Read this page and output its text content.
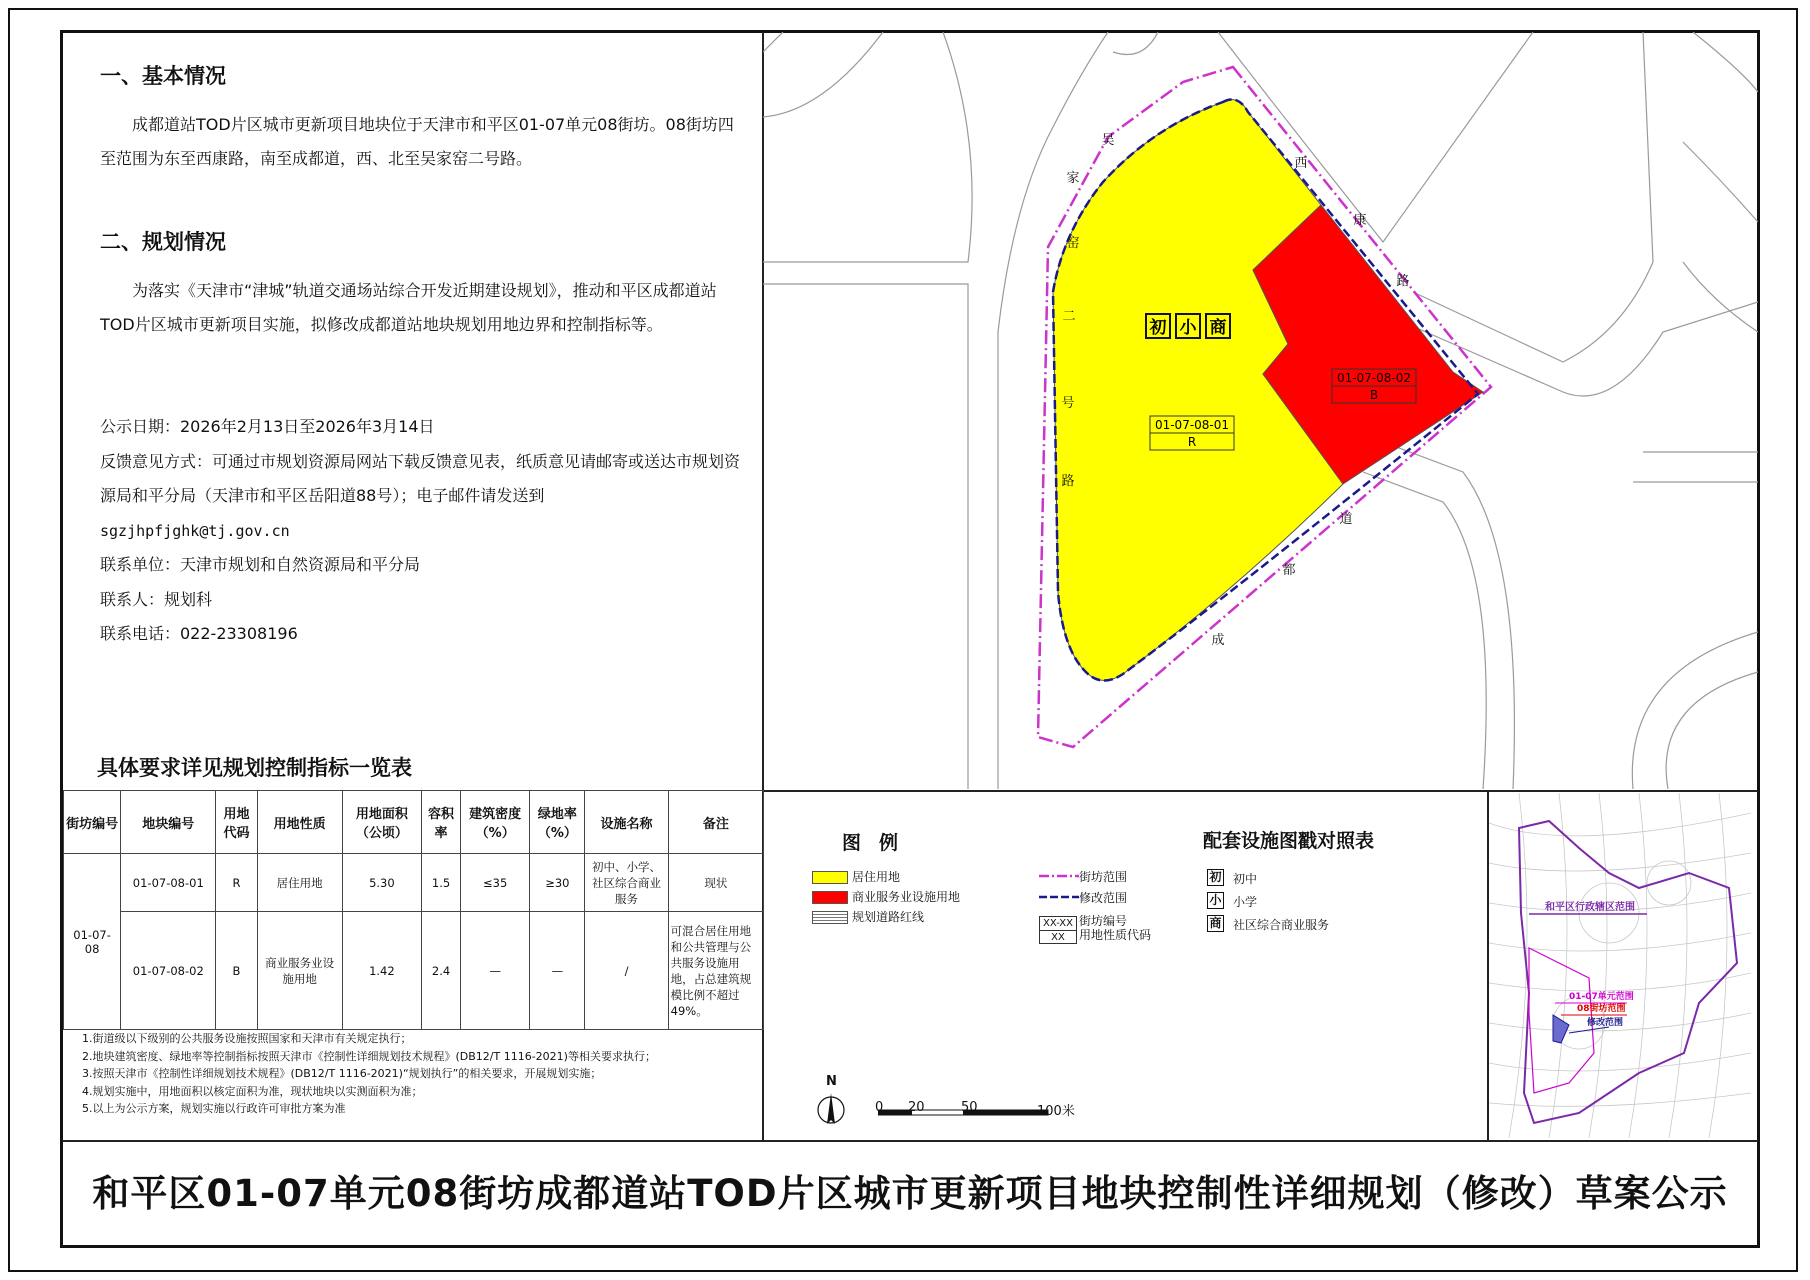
一、基本情况

成都道站TOD片区城市更新项目地块位于天津市和平区01-07单元08街坊。08街坊四至范围为东至西康路，南至成都道，西、北至吴家窑二号路。

二、规划情况

为落实《天津市“津城”轨道交通场站综合开发近期建设规划》，推动和平区成都道站TOD片区城市更新项目实施，拟修改成都道站地块规划用地边界和控制指标等。

公示日期：2026年2月13日至2026年3月14日

反馈意见方式：可通过市规划资源局网站下载反馈意见表，纸质意见请邮寄或送达市规划资源局和平分局（天津市和平区岳阳道88号）；电子邮件请发送到

sgzjhpfjghk@tj.gov.cn

联系单位：天津市规划和自然资源局和平分局

联系人：规划科

联系电话：022-23308196

具体要求详见规划控制指标一览表
街坊编号	地块编号	用地代码	用地性质	用地面积（公顷）	容积率	建筑密度（%）	绿地率（%）	设施名称	备注
01-07-08	01-07-08-01	R	居住用地	5.30	1.5	≤35	≥30	初中、小学、社区综合商业服务	现状
	01-07-08-02	B	商业服务业设施用地	1.42	2.4	—	—	/	可混合居住用地和公共管理与公共服务设施用地，占总建筑规模比例不超过49%。
1.街道级以下级别的公共服务设施按照国家和天津市有关规定执行；
2.地块建筑密度、绿地率等控制指标按照天津市《控制性详细规划技术规程》(DB12/T 1116-2021)等相关要求执行；
3.按照天津市《控制性详细规划技术规程》(DB12/T 1116-2021)“规划执行”的相关要求，开展规划实施；
4.规划实施中，用地面积以核定面积为准，现状地块以实测面积为准；
5.以上为公示方案，规划实施以行政许可审批方案为准
吴
家
窑
二
号
路
西
康
路
成
都
道
初 小 商
01-07-08-01
R
01-07-08-02
B
图例
居住用地
商业服务业设施用地
规划道路红线
街坊范围
修改范围
XX-XX
XX
街坊编号
用地性质代码
配套设施图戳对照表
初 初中
小 小学
商 社区综合商业服务
N
0 20	50	100米
和平区行政辖区范围
01-07单元范围
08街坊范围
修改范围
和平区01-07单元08街坊成都道站TOD片区城市更新项目地块控制性详细规划（修改）草案公示
